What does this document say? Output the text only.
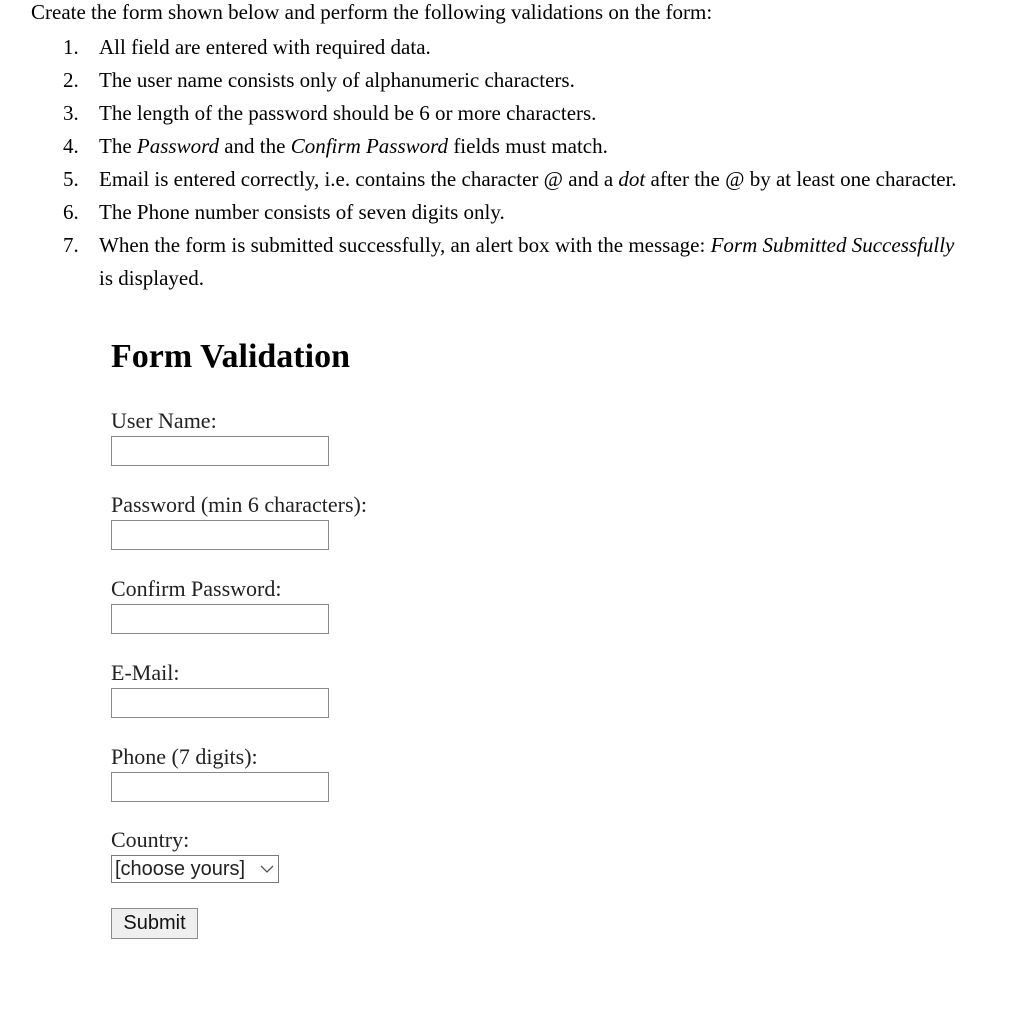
Create the form shown below and perform the following validations on the form:

1. All field are entered with required data.
2. The user name consists only of alphanumeric characters.
3. The length of the password should be 6 or more characters.
4. The Password and the Confirm Password fields must match.
5. Email is entered correctly, i.e. contains the character @ and a dot after the @ by at least one character.
6. The Phone number consists of seven digits only.
7. When the form is submitted successfully, an alert box with the message: Form Submitted Successfully is displayed.
Form Validation
User Name:
Password (min 6 characters):
Confirm Password:
E-Mail:
Phone (7 digits):
Country:
[choose yours]
Submit
